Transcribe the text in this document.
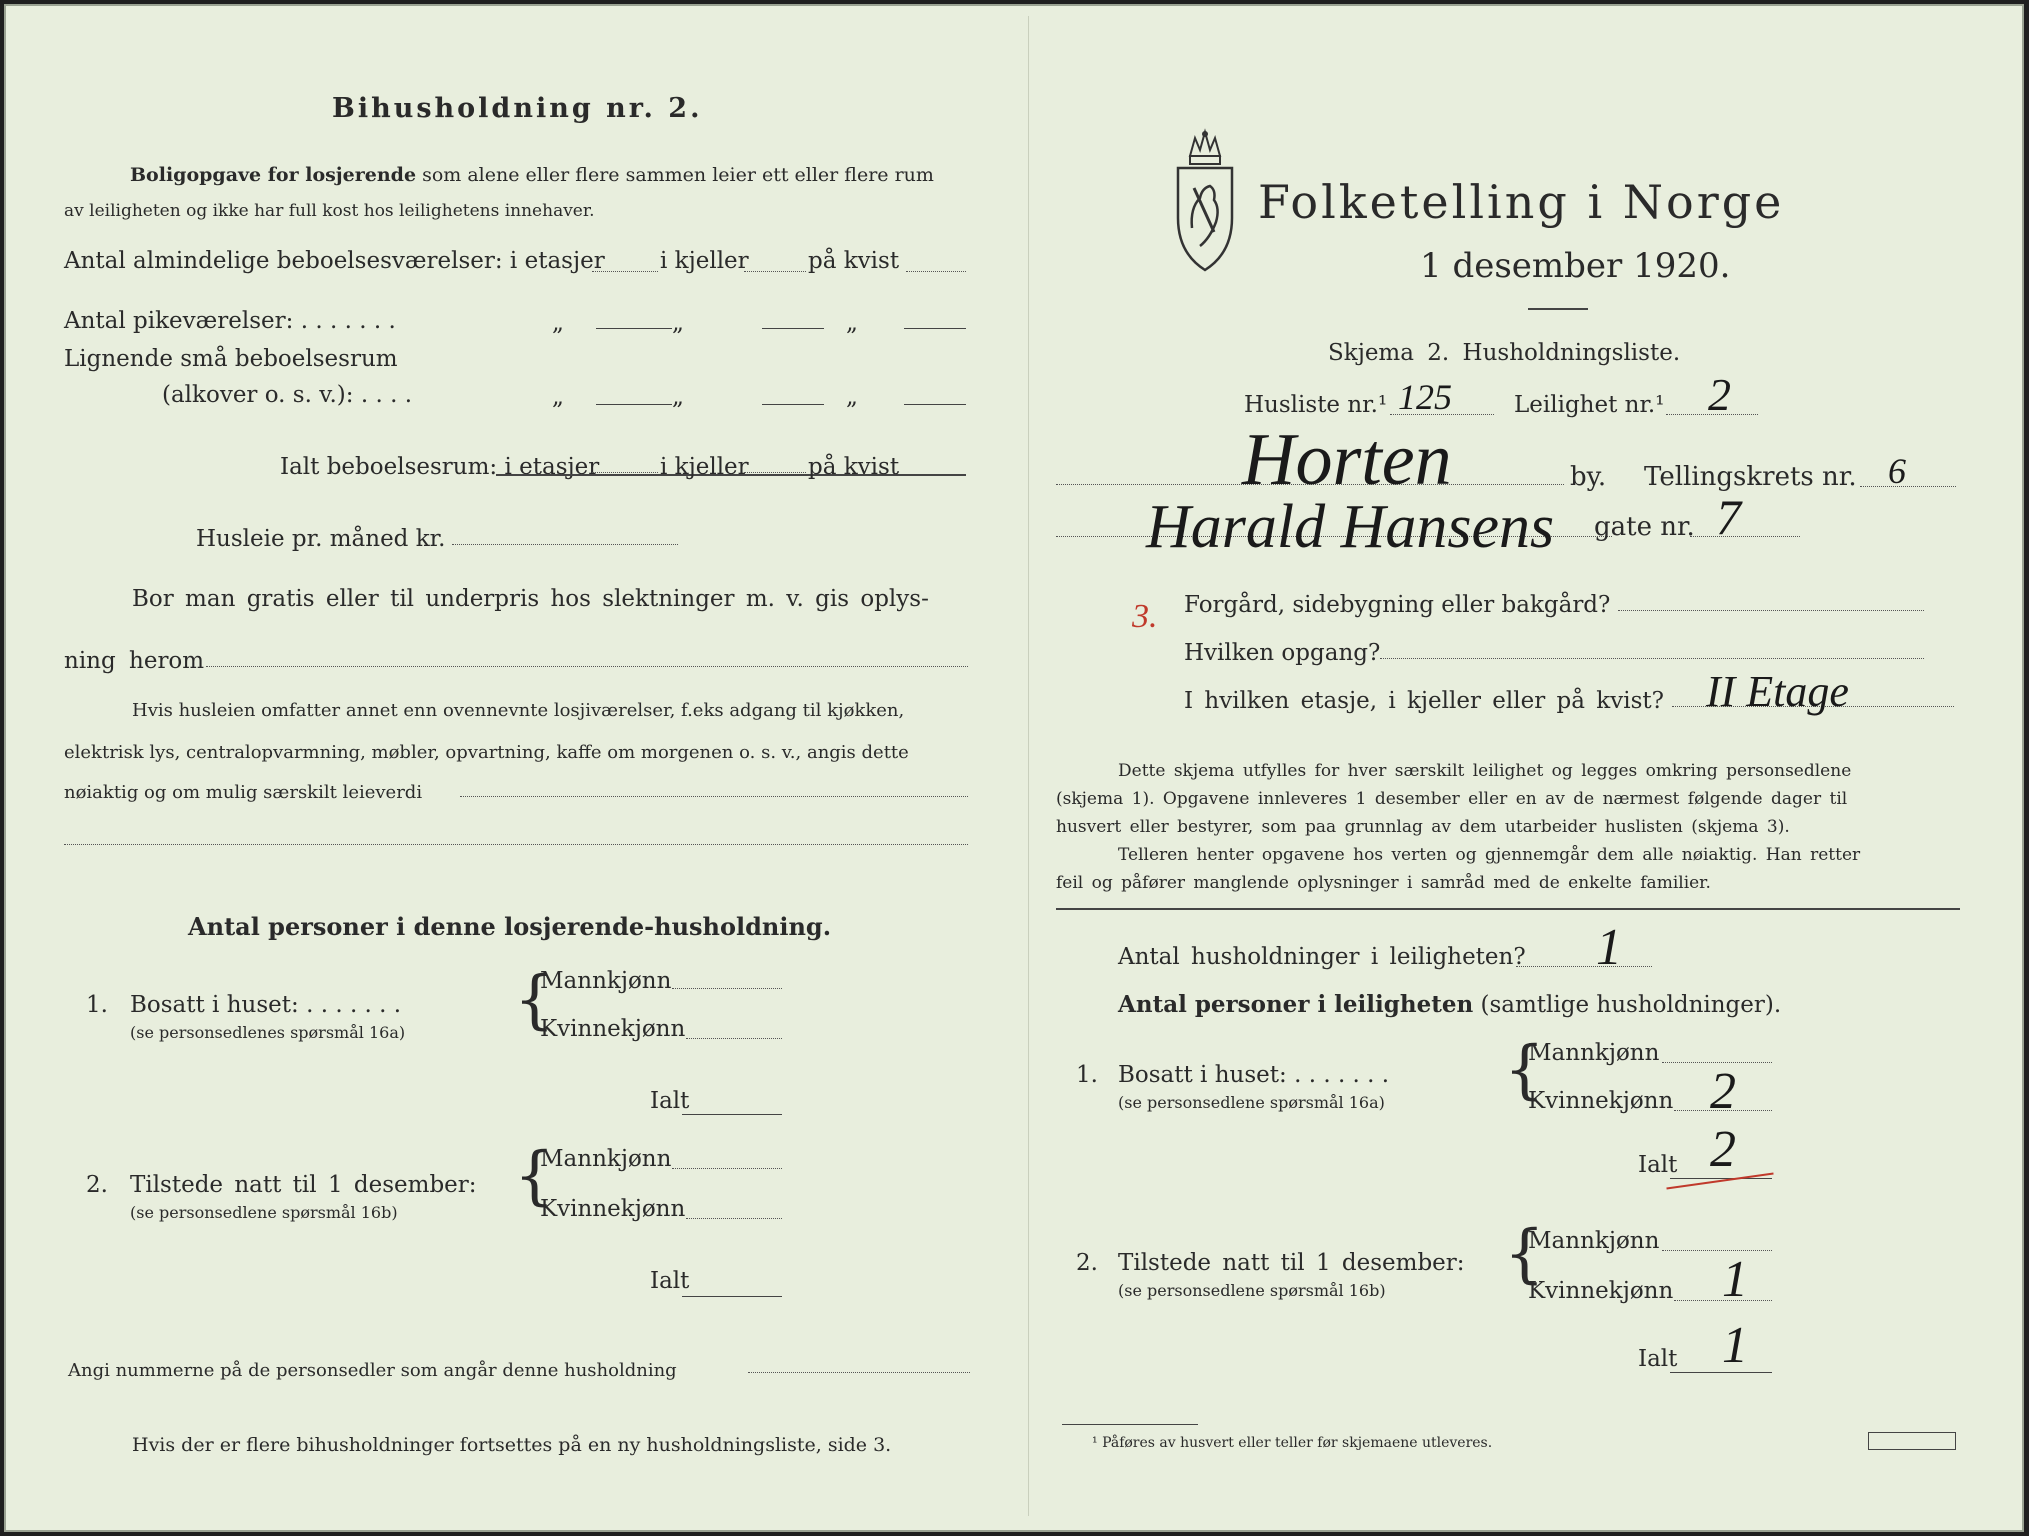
Bihusholdning nr. 2.
Boligopgave for losjerende som alene eller flere sammen leier ett eller flere rum
av leiligheten og ikke har full kost hos leilighetens innehaver.
Antal almindelige beboelsesværelser: i etasjer i kjeller	på kvist
Antal pikeværelser: . . . . . . .	„	„	„
Lignende små beboelsesrum
(alkover o. s. v.): . . . .	„	„	„
Ialt beboelsesrum: i etasjer	i kjeller	på kvist
Husleie pr. måned kr.
Bor man gratis eller til underpris hos slektninger m. v. gis oplys-
ning herom
Hvis husleien omfatter annet enn ovennevnte losjiværelser, f.eks adgang til kjøkken,
elektrisk lys, centralopvarmning, møbler, opvartning, kaffe om morgenen o. s. v., angis dette
nøiaktig og om mulig særskilt leieverdi
Antal personer i denne losjerende-husholdning.
1. Bosatt i huset: . . . . . . .
(se personsedlenes spørsmål 16a) {
Mannkjønn
Kvinnekjønn
Ialt
2. Tilstede natt til 1 desember:
(se personsedlene spørsmål 16b) {
Mannkjønn
Kvinnekjønn
Ialt
Angi nummerne på de personsedler som angår denne husholdning
Hvis der er flere bihusholdninger fortsettes på en ny husholdningsliste, side 3.
Folketelling i Norge
1 desember 1920.
Skjema 2. Husholdningsliste.
Husliste nr.¹ 125	Leilighet nr.¹ 2
Horten	by. Tellingskrets nr. 6
Harald Hansens gate nr. 7
3. Forgård, sidebygning eller bakgård?
Hvilken opgang?
I hvilken etasje, i kjeller eller på kvist? II Etage
Dette skjema utfylles for hver særskilt leilighet og legges omkring personsedlene
(skjema 1). Opgavene innleveres 1 desember eller en av de nærmest følgende dager til
husvert eller bestyrer, som paa grunnlag av dem utarbeider huslisten (skjema 3).
Telleren henter opgavene hos verten og gjennemgår dem alle nøiaktig. Han retter
feil og påfører manglende oplysninger i samråd med de enkelte familier.
Antal husholdninger i leiligheten? 1
Antal personer i leiligheten (samtlige husholdninger).
1. Bosatt i huset: . . . . . . .
(se personsedlene spørsmål 16a) {
Mannkjønn
Kvinnekjønn 2
Ialt 2
2. Tilstede natt til 1 desember:
(se personsedlene spørsmål 16b) {
Mannkjønn
Kvinnekjønn 1
Ialt 1
¹ Påføres av husvert eller teller før skjemaene utleveres.
